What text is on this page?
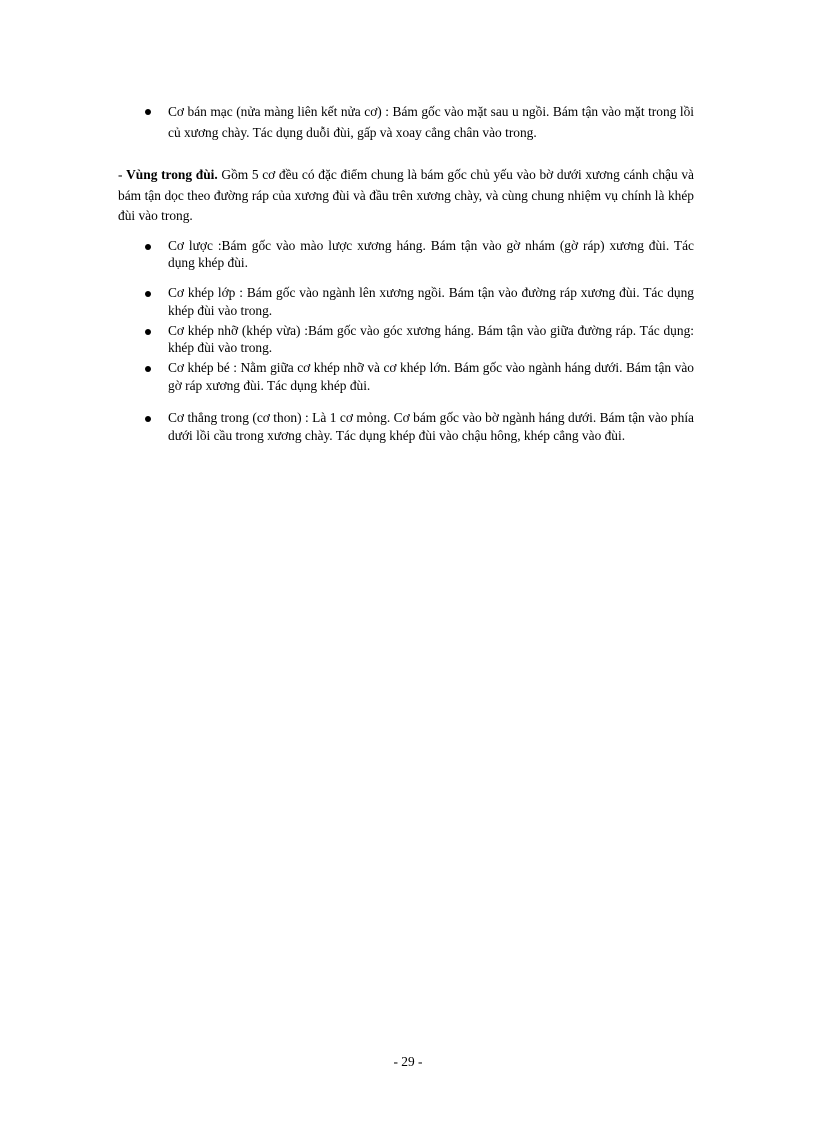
Cơ bán mạc (nửa màng liên kết nửa cơ) : Bám gốc vào mặt sau u ngồi. Bám tận vào mặt trong lồi củ xương chày. Tác dụng duỗi đùi, gấp và xoay cẳng chân vào trong.

- Vùng trong đùi. Gồm 5 cơ đều có đặc điểm chung là bám gốc chủ yếu vào bờ dưới xương cánh chậu và bám tận dọc theo đường ráp của xương đùi và đầu trên xương chày, và cùng chung nhiệm vụ chính là khép đùi vào trong.

Cơ lược :Bám gốc vào mào lược xương háng. Bám tận vào gờ nhám (gờ ráp) xương đùi. Tác dụng khép đùi.
Cơ khép lớp : Bám gốc vào ngành lên xương ngồi. Bám tận vào đường ráp xương đùi. Tác dụng khép đùi vào trong.
Cơ khép nhỡ (khép vừa) :Bám gốc vào góc xương háng. Bám tận vào giữa đường ráp. Tác dụng: khép đùi vào trong.
Cơ khép bé : Nằm giữa cơ khép nhỡ và cơ khép lớn. Bám gốc vào ngành háng dưới. Bám tận vào gờ ráp xương đùi. Tác dụng khép đùi.
Cơ thẳng trong (cơ thon) : Là 1 cơ mỏng. Cơ bám gốc vào bờ ngành háng dưới. Bám tận vào phía dưới lồi cầu trong xương chày. Tác dụng khép đùi vào chậu hông, khép cẳng vào đùi.
- 29 -
